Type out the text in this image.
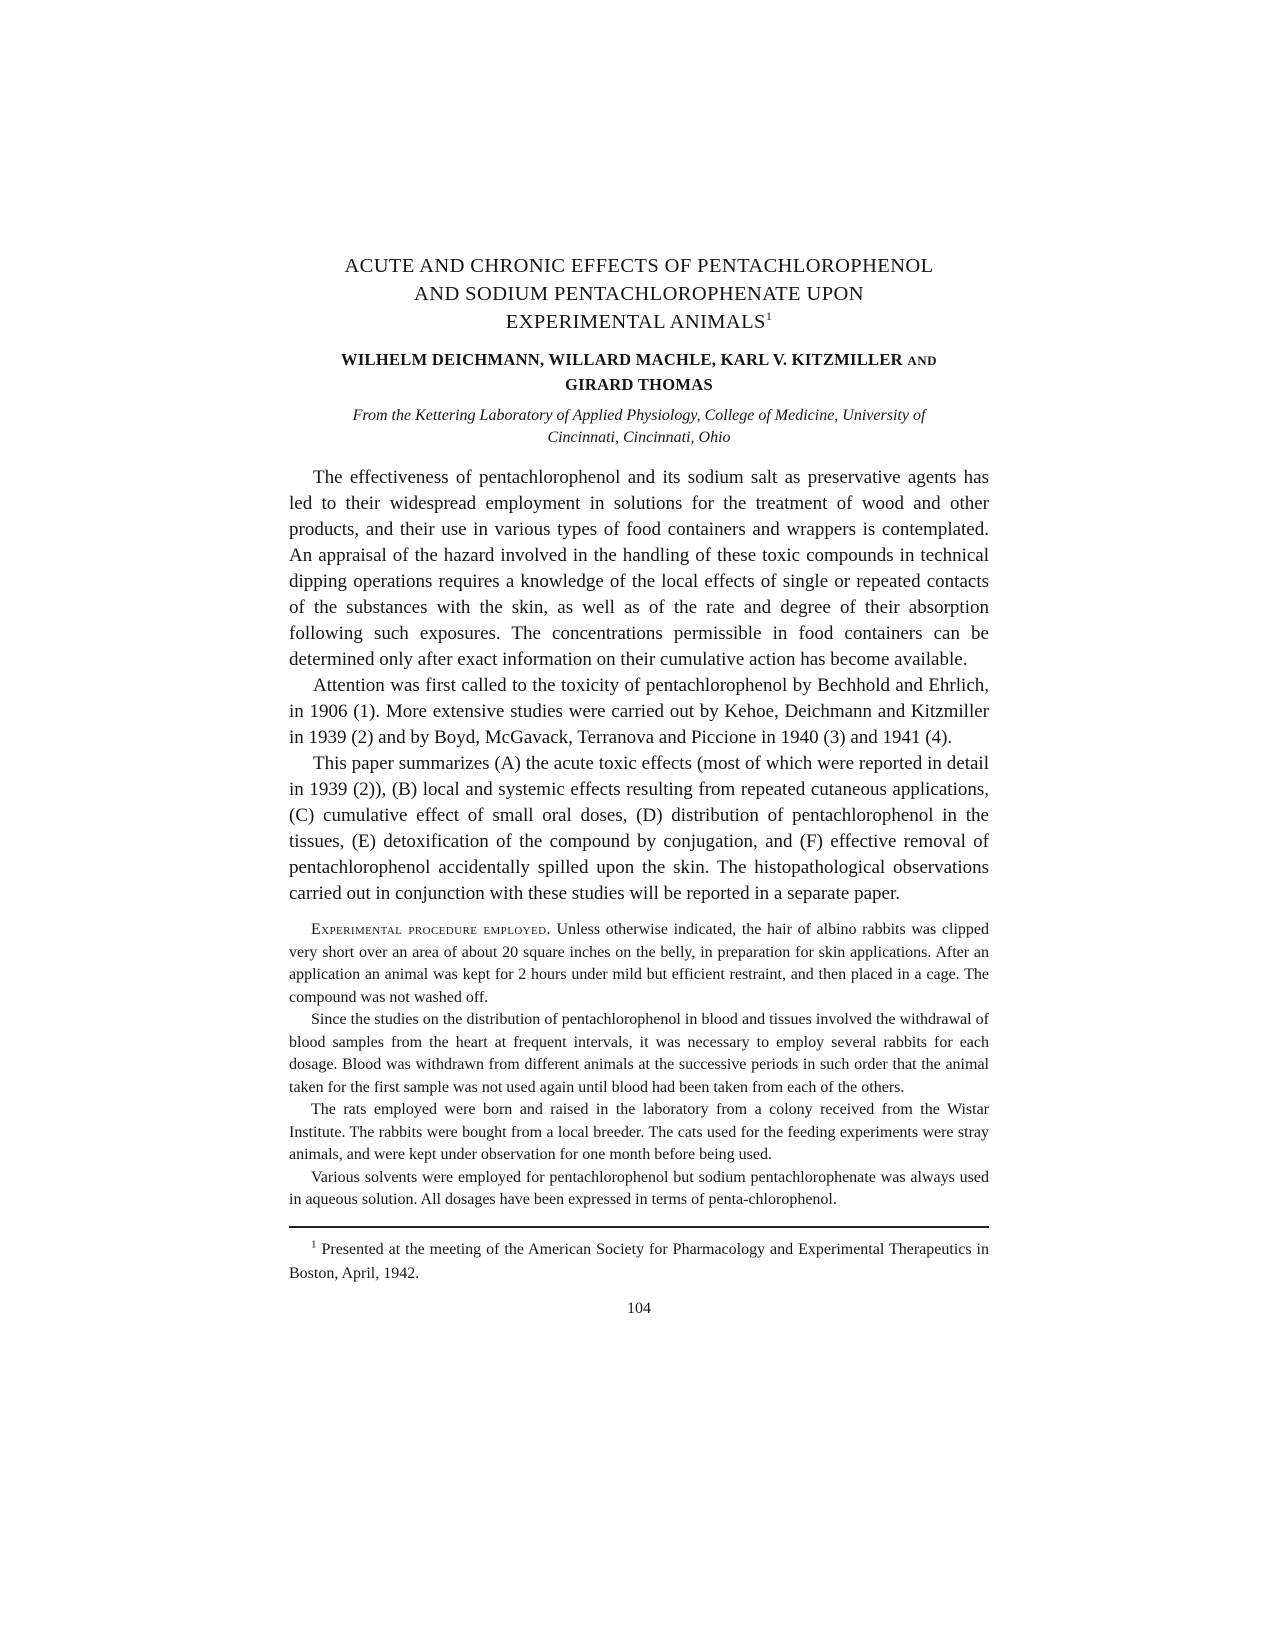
ACUTE AND CHRONIC EFFECTS OF PENTACHLOROPHENOL
AND SODIUM PENTACHLOROPHENATE UPON
EXPERIMENTAL ANIMALS$^1$
WILHELM DEICHMANN, WILLARD MACHLE, KARL V. KITZMILLER AND
GIRARD THOMAS
From the Kettering Laboratory of Applied Physiology, College of Medicine, University of
Cincinnati, Cincinnati, Ohio

The effectiveness of pentachlorophenol and its sodium salt as preservative agents has led to their widespread employment in solutions for the treatment of wood and other products, and their use in various types of food containers and wrappers is contemplated. An appraisal of the hazard involved in the handling of these toxic compounds in technical dipping operations requires a knowledge of the local effects of single or repeated contacts of the substances with the skin, as well as of the rate and degree of their absorption following such exposures. The concentrations permissible in food containers can be determined only after exact information on their cumulative action has become available.

Attention was first called to the toxicity of pentachlorophenol by Bechhold and Ehrlich, in 1906 (1). More extensive studies were carried out by Kehoe, Deichmann and Kitzmiller in 1939 (2) and by Boyd, McGavack, Terranova and Piccione in 1940 (3) and 1941 (4).

This paper summarizes (A) the acute toxic effects (most of which were reported in detail in 1939 (2)), (B) local and systemic effects resulting from repeated cutaneous applications, (C) cumulative effect of small oral doses, (D) distribution of pentachlorophenol in the tissues, (E) detoxification of the compound by conjugation, and (F) effective removal of pentachlorophenol accidentally spilled upon the skin. The histopathological observations carried out in conjunction with these studies will be reported in a separate paper.

Experimental procedure employed. Unless otherwise indicated, the hair of albino rabbits was clipped very short over an area of about 20 square inches on the belly, in preparation for skin applications. After an application an animal was kept for 2 hours under mild but efficient restraint, and then placed in a cage. The compound was not washed off.

Since the studies on the distribution of pentachlorophenol in blood and tissues involved the withdrawal of blood samples from the heart at frequent intervals, it was necessary to employ several rabbits for each dosage. Blood was withdrawn from different animals at the successive periods in such order that the animal taken for the first sample was not used again until blood had been taken from each of the others.

The rats employed were born and raised in the laboratory from a colony received from the Wistar Institute. The rabbits were bought from a local breeder. The cats used for the feeding experiments were stray animals, and were kept under observation for one month before being used.

Various solvents were employed for pentachlorophenol but sodium pentachlorophenate was always used in aqueous solution. All dosages have been expressed in terms of penta-chlorophenol.

$^1$ Presented at the meeting of the American Society for Pharmacology and Experimental Therapeutics in Boston, April, 1942.

104
